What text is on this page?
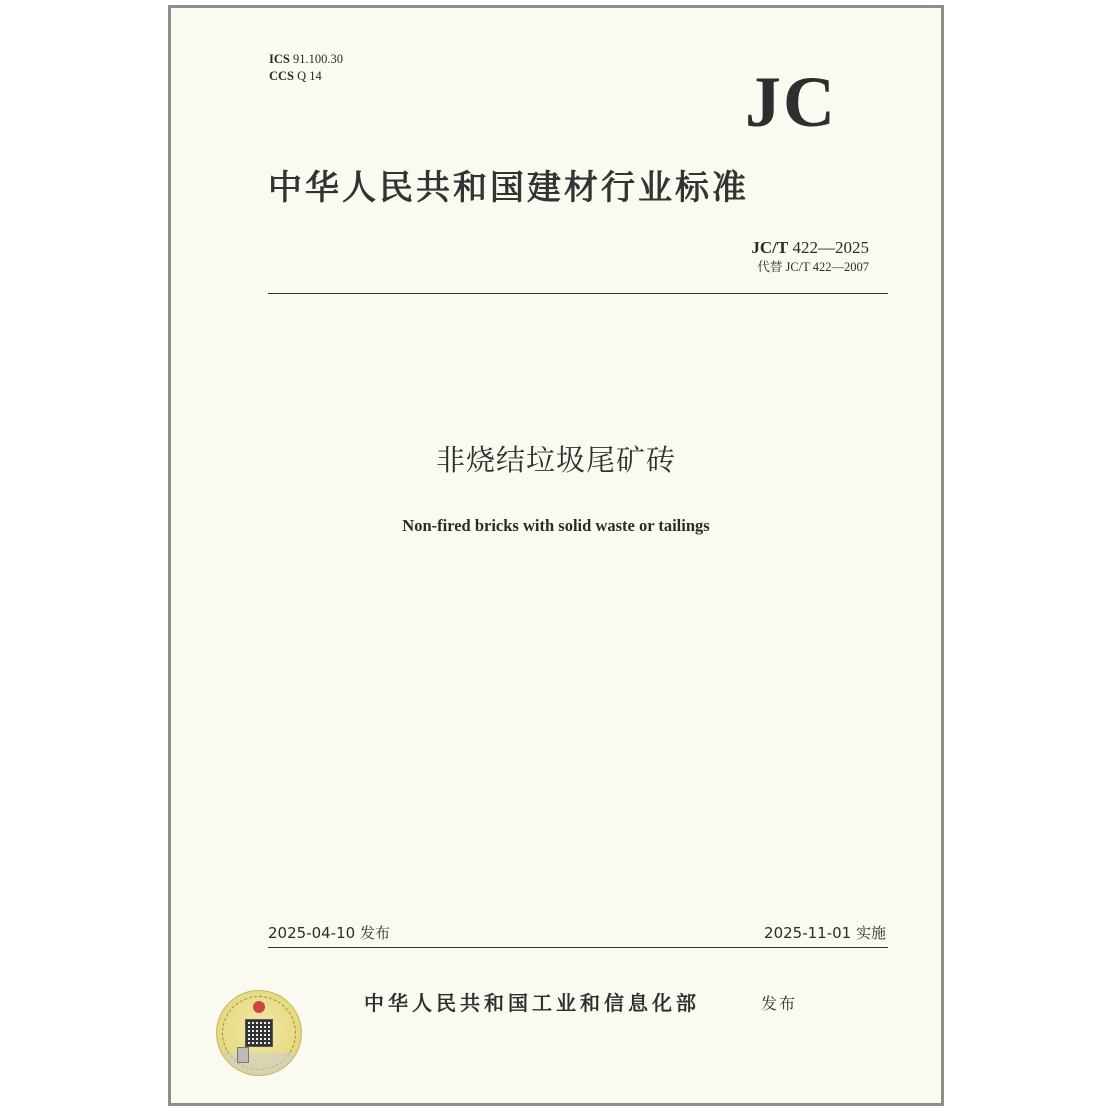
ICS 91.100.30
CCS Q 14	JC
中华人民共和国建材行业标准
JC/T 422—2025
代替 JC/T 422—2007
非烧结垃圾尾矿砖
Non-fired bricks with solid waste or tailings
2025-04-10 发布	2025-11-01 实施
中华人民共和国工业和信息化部	发布
